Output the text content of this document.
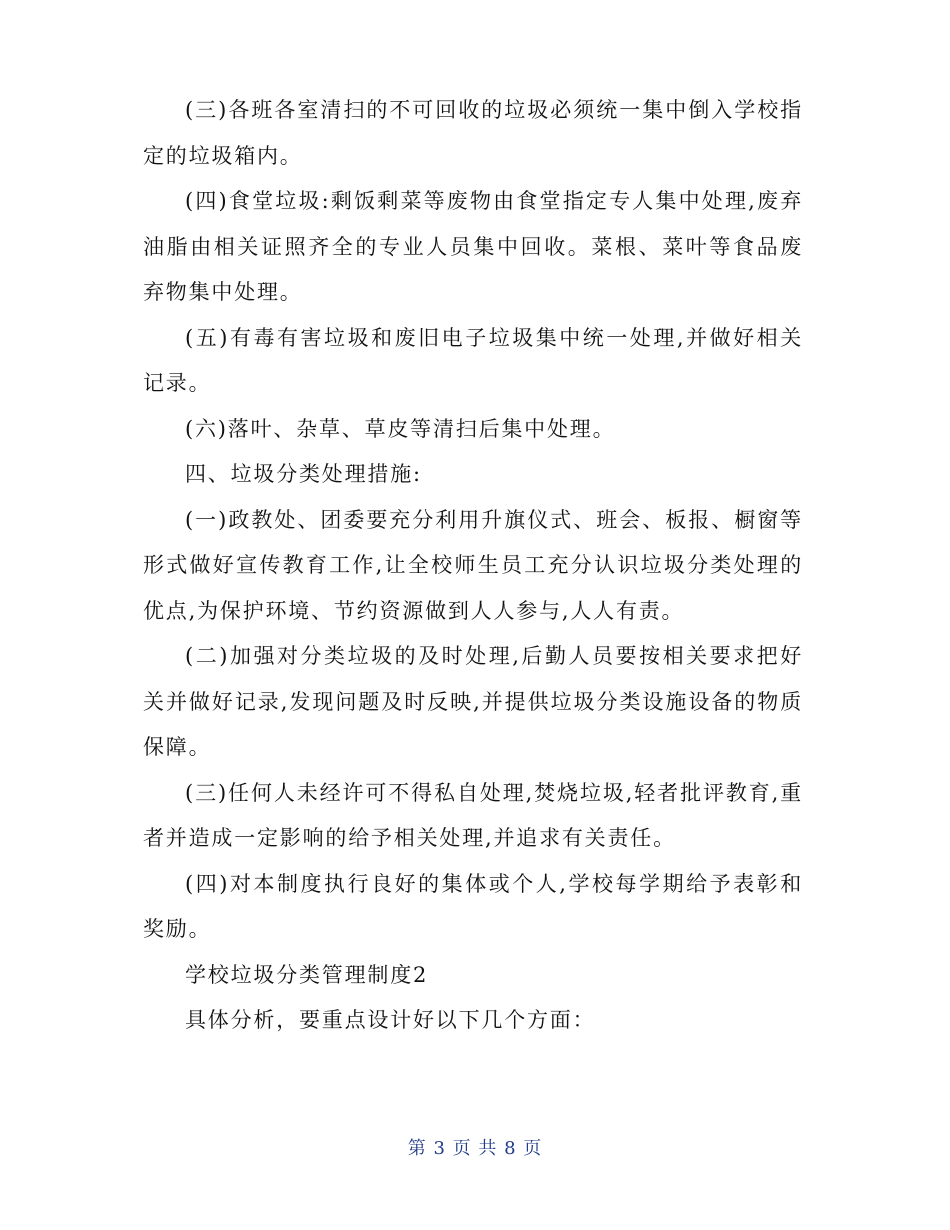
(三)各班各室清扫的不可回收的垃圾必须统一集中倒入学校指定的垃圾箱内。

(四)食堂垃圾:剩饭剩菜等废物由食堂指定专人集中处理,废弃油脂由相关证照齐全的专业人员集中回收。菜根、菜叶等食品废弃物集中处理。

(五)有毒有害垃圾和废旧电子垃圾集中统一处理,并做好相关记录。

(六)落叶、杂草、草皮等清扫后集中处理。

四、垃圾分类处理措施:

(一)政教处、团委要充分利用升旗仪式、班会、板报、橱窗等形式做好宣传教育工作,让全校师生员工充分认识垃圾分类处理的优点,为保护环境、节约资源做到人人参与,人人有责。

(二)加强对分类垃圾的及时处理,后勤人员要按相关要求把好关并做好记录,发现问题及时反映,并提供垃圾分类设施设备的物质保障。

(三)任何人未经许可不得私自处理,焚烧垃圾,轻者批评教育,重者并造成一定影响的给予相关处理,并追求有关责任。

(四)对本制度执行良好的集体或个人,学校每学期给予表彰和奖励。

学校垃圾分类管理制度2

具体分析，要重点设计好以下几个方面：

第 3 页 共 8 页
